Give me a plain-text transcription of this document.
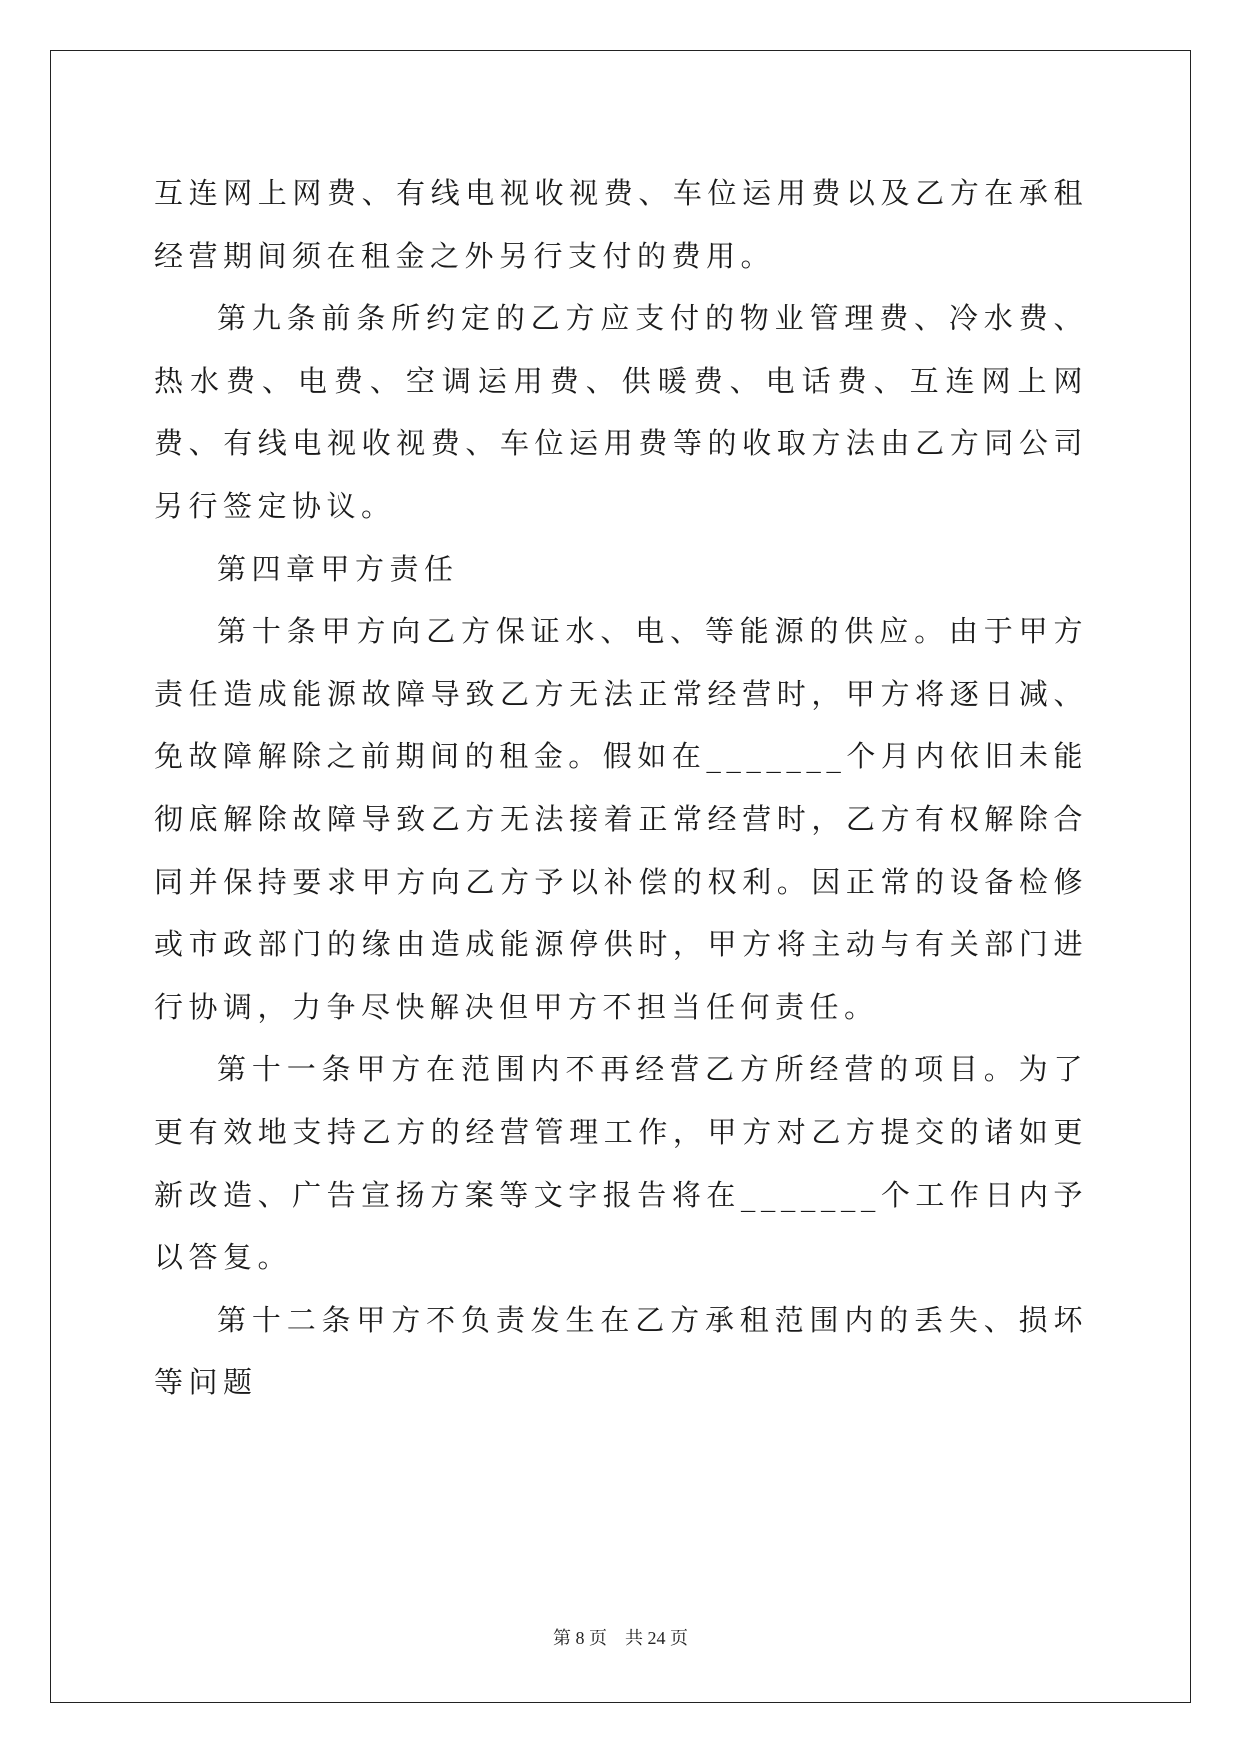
互连网上网费、有线电视收视费、车位运用费以及乙方在承租经营期间须在租金之外另行支付的费用。

第九条前条所约定的乙方应支付的物业管理费、冷水费、热水费、电费、空调运用费、供暖费、电话费、互连网上网费、有线电视收视费、车位运用费等的收取方法由乙方同公司另行签定协议。

第四章甲方责任

第十条甲方向乙方保证水、电、等能源的供应。由于甲方责任造成能源故障导致乙方无法正常经营时，甲方将逐日减、免故障解除之前期间的租金。假如在_______个月内依旧未能彻底解除故障导致乙方无法接着正常经营时，乙方有权解除合同并保持要求甲方向乙方予以补偿的权利。因正常的设备检修或市政部门的缘由造成能源停供时，甲方将主动与有关部门进行协调，力争尽快解决但甲方不担当任何责任。

第十一条甲方在范围内不再经营乙方所经营的项目。为了更有效地支持乙方的经营管理工作，甲方对乙方提交的诸如更新改造、广告宣扬方案等文字报告将在_______个工作日内予以答复。

第十二条甲方不负责发生在乙方承租范围内的丢失、损坏等问题

第 8 页　共 24 页
